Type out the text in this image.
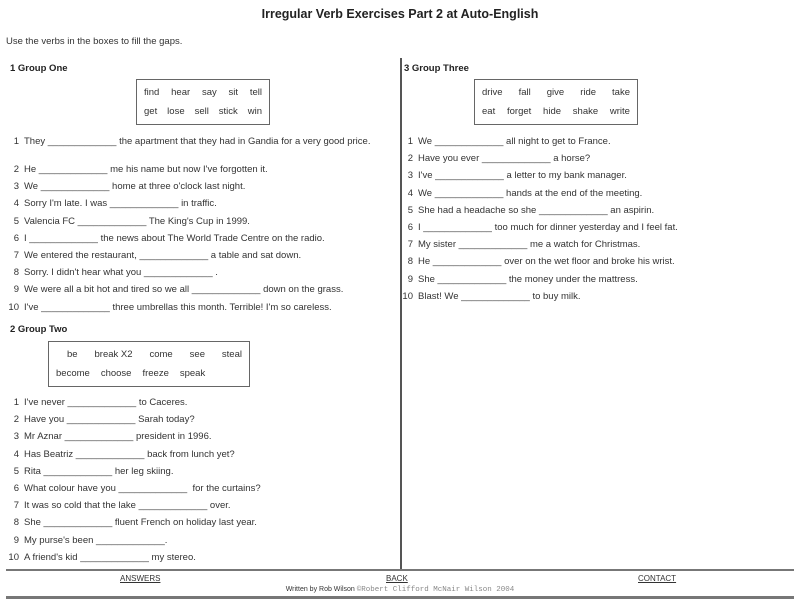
Irregular Verb Exercises Part 2 at Auto-English
Use the verbs in the boxes to fill the gaps.
1 Group One
find	hear	say	sit	tell
get	lose	sell	stick	win
1 They _____________ the apartment that they had in Gandia for a very good price.
2 He _____________ me his name but now I've forgotten it.
3 We _____________ home at three o'clock last night.
4 Sorry I'm late. I was _____________ in traffic.
5 Valencia FC _____________ The King's Cup in 1999.
6 I _____________ the news about The World Trade Centre on the radio.
7 We entered the restaurant, _____________ a table and sat down.
8 Sorry. I didn't hear what you _____________ .
9 We were all a bit hot and tired so we all _____________ down on the grass.
10 I've _____________ three umbrellas this month. Terrible! I'm so careless.
2 Group Two
be	break X2	come	see	steal
become	choose	freeze	speak
1 I've never _____________ to Caceres.
2 Have you _____________ Sarah today?
3 Mr Aznar _____________ president in 1996.
4 Has Beatriz _____________ back from lunch yet?
5 Rita _____________ her leg skiing.
6 What colour have you _____________  for the curtains?
7 It was so cold that the lake _____________ over.
8 She _____________ fluent French on holiday last year.
9 My purse's been _____________.
10 A friend's kid _____________ my stereo.
3 Group Three
drive	fall	give	ride	take
eat	forget	hide	shake	write
1 We _____________ all night to get to France.
2 Have you ever _____________ a horse?
3 I've _____________ a letter to my bank manager.
4 We _____________ hands at the end of the meeting.
5 She had a headache so she _____________ an aspirin.
6 I _____________ too much for dinner yesterday and I feel fat.
7 My sister _____________ me a watch for Christmas.
8 He _____________ over on the wet floor and broke his wrist.
9 She _____________ the money under the mattress.
10 Blast! We _____________ to buy milk.
ANSWERS	BACK	CONTACT
Written by Rob Wilson ©Robert Clifford McNair Wilson 2004
